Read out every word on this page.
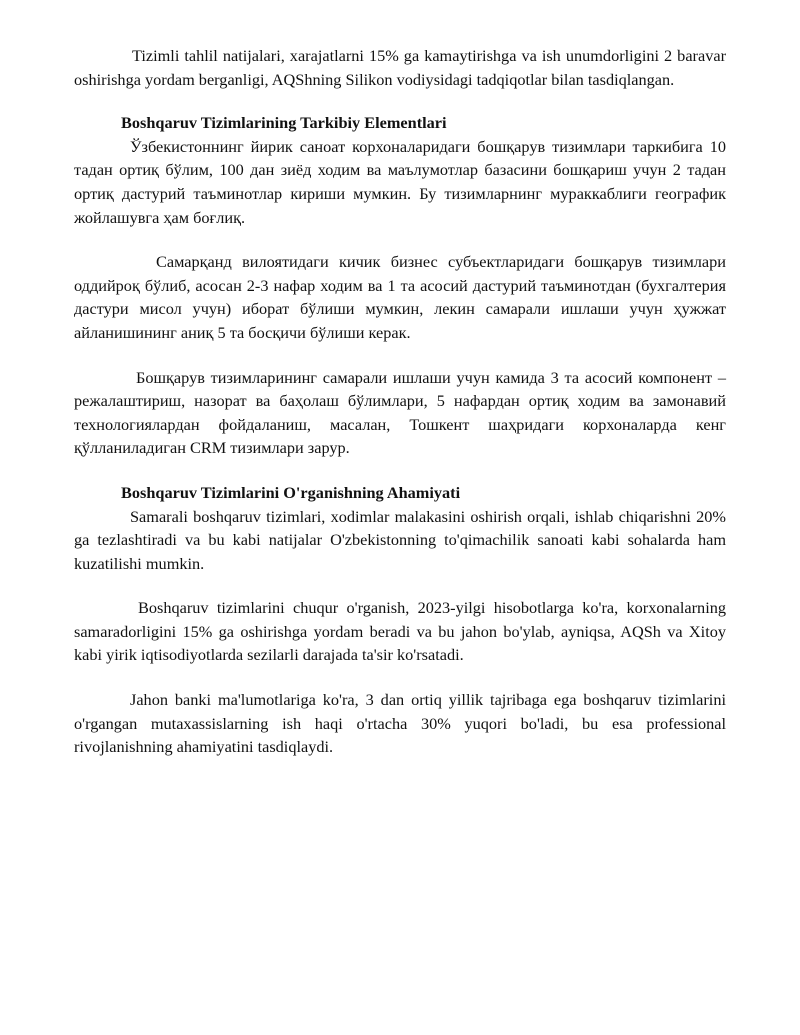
Tizimli tahlil natijalari, xarajatlarni 15% ga kamaytirishga va ish unumdorligini 2 baravar oshirishga yordam berganligi, AQShning Silikon vodiysidagi tadqiqotlar bilan tasdiqlangan.

Boshqaruv Tizimlarining Tarkibiy Elementlari

Ўзбекистоннинг йирик саноат корхоналаридаги бошқарув тизимлари таркибига 10 тадан ортиқ бўлим, 100 дан зиёд ходим ва маълумотлар базасини бошқариш учун 2 тадан ортиқ дастурий таъминотлар кириши мумкин. Бу тизимларнинг мураккаблиги географик жойлашувга ҳам боғлиқ.

Самарқанд вилоятидаги кичик бизнес субъектларидаги бошқарув тизимлари оддийроқ бўлиб, асосан 2-3 нафар ходим ва 1 та асосий дастурий таъминотдан (бухгалтерия дастури мисол учун) иборат бўлиши мумкин, лекин самарали ишлаши учун ҳужжат айланишининг аниқ 5 та босқичи бўлиши керак.

Бошқарув тизимларининг самарали ишлаши учун камида 3 та асосий компонент – режалаштириш, назорат ва баҳолаш бўлимлари, 5 нафардан ортиқ ходим ва замонавий технологиялардан фойдаланиш, масалан, Тошкент шаҳридаги корхоналарда кенг қўлланиладиган CRM тизимлари зарур.

Boshqaruv Tizimlarini O'rganishning Ahamiyati

Samarali boshqaruv tizimlari, xodimlar malakasini oshirish orqali, ishlab chiqarishni 20% ga tezlashtiradi va bu kabi natijalar O'zbekistonning to'qimachilik sanoati kabi sohalarda ham kuzatilishi mumkin.

Boshqaruv tizimlarini chuqur o'rganish, 2023-yilgi hisobotlarga ko'ra, korxonalarning samaradorligini 15% ga oshirishga yordam beradi va bu jahon bo'ylab, ayniqsa, AQSh va Xitoy kabi yirik iqtisodiyotlarda sezilarli darajada ta'sir ko'rsatadi.

Jahon banki ma'lumotlariga ko'ra, 3 dan ortiq yillik tajribaga ega boshqaruv tizimlarini o'rgangan mutaxassislarning ish haqi o'rtacha 30% yuqori bo'ladi, bu esa professional rivojlanishning ahamiyatini tasdiqlaydi.
